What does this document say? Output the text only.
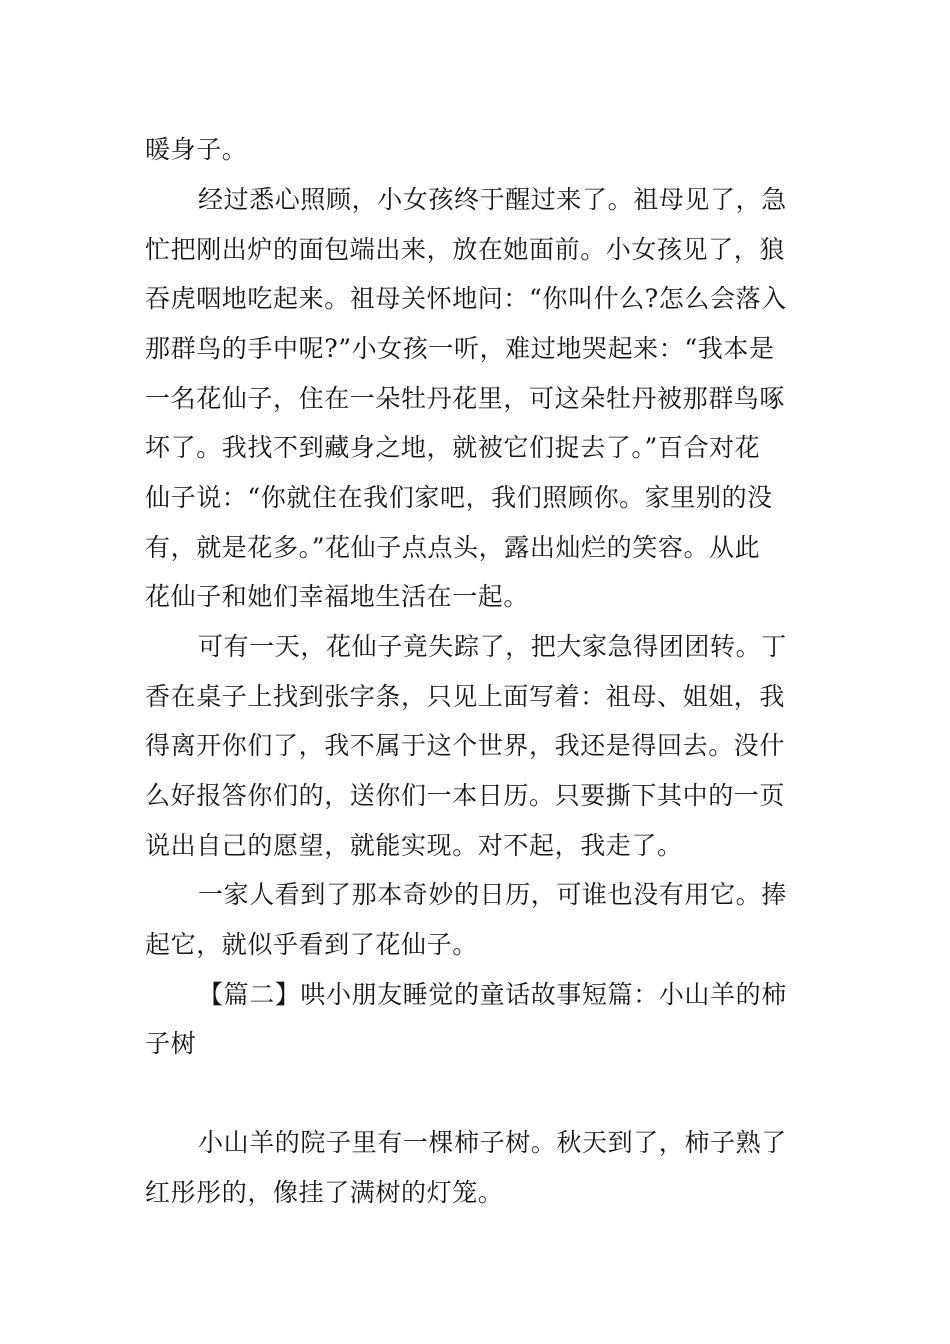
暖身子。
经过悉心照顾，小女孩终于醒过来了。祖母见了，急
忙把刚出炉的面包端出来，放在她面前。小女孩见了，狼
吞虎咽地吃起来。祖母关怀地问：“你叫什么?怎么会落入
那群鸟的手中呢?”小女孩一听，难过地哭起来：“我本是
一名花仙子，住在一朵牡丹花里，可这朵牡丹被那群鸟啄
坏了。我找不到藏身之地，就被它们捉去了。”百合对花
仙子说：“你就住在我们家吧，我们照顾你。家里别的没
有，就是花多。”花仙子点点头，露出灿烂的笑容。从此
花仙子和她们幸福地生活在一起。
可有一天，花仙子竟失踪了，把大家急得团团转。丁
香在桌子上找到张字条，只见上面写着：祖母、姐姐，我
得离开你们了，我不属于这个世界，我还是得回去。没什
么好报答你们的，送你们一本日历。只要撕下其中的一页
说出自己的愿望，就能实现。对不起，我走了。
一家人看到了那本奇妙的日历，可谁也没有用它。捧
起它，就似乎看到了花仙子。
【篇二】哄小朋友睡觉的童话故事短篇：小山羊的柿
子树
小山羊的院子里有一棵柿子树。秋天到了，柿子熟了
红彤彤的，像挂了满树的灯笼。
